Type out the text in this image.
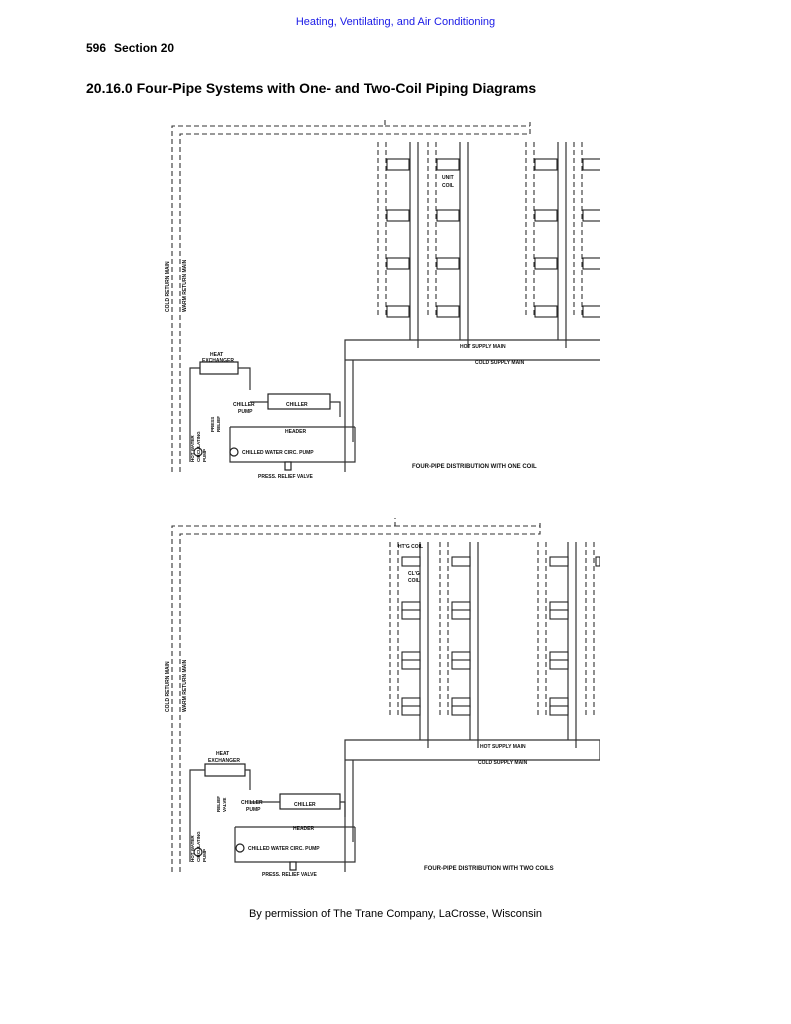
Heating, Ventilating, and Air Conditioning
596 Section 20
20.16.0 Four-Pipe Systems with One- and Two-Coil Piping Diagrams
UNIT
COIL
HOT SUPPLY MAIN
COLD SUPPLY MAIN
COLD RETURN MAIN WARM RETURN MAIN
HEAT
EXCHANGER
CHILLER
PUMP
CHILLER
HEADER
CHILLED WATER CIRC. PUMP
PRESS. RELIEF VALVE
HOT WATER CIRCULATING PUMP
PRESS RELIEF
FOUR-PIPE DISTRIBUTION WITH ONE COIL
HT'G COIL
CL'G
COIL
HOT SUPPLY MAIN
COLD SUPPLY MAIN
COLD RETURN MAIN WARM RETURN MAIN
HEAT
EXCHANGER
CHILLER
PUMP
CHILLER
HEADER
CHILLED WATER CIRC. PUMP
PRESS. RELIEF VALVE
HOT WATER CIRCULATING PUMP
RELIEF VALVE
FOUR-PIPE DISTRIBUTION WITH TWO COILS
By permission of The Trane Company, LaCrosse, Wisconsin
